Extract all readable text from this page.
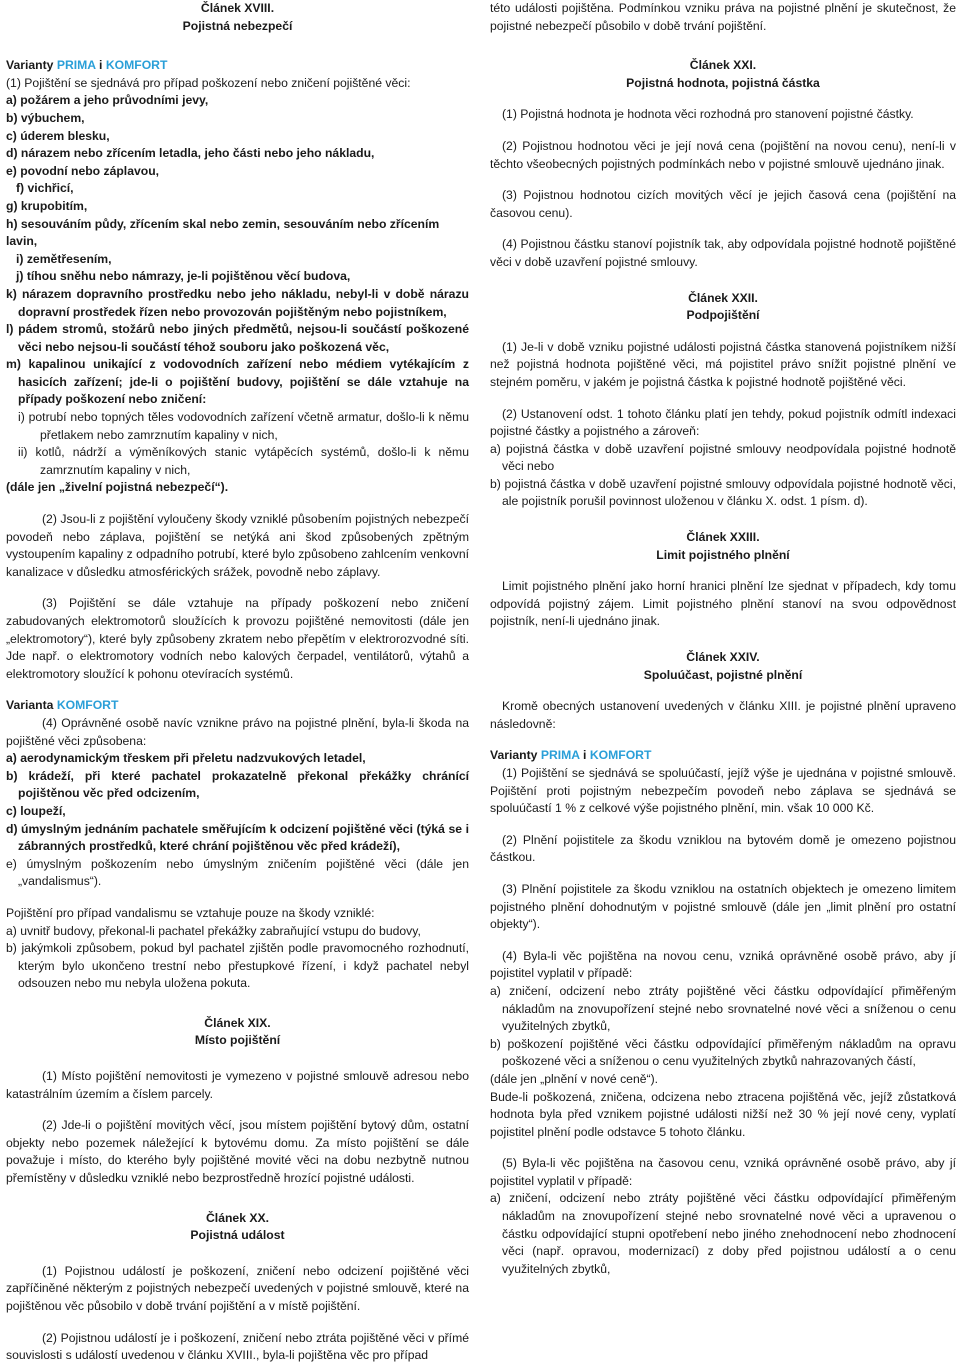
Článek XVIII.

Pojistná nebezpečí

Varianty PRIMA i KOMFORT

(1) Pojištění se sjednává pro případ poškození nebo zničení pojištěné věci:

a) požárem a jeho průvodními jevy,

b) výbuchem,

c) úderem blesku,

d) nárazem nebo zřícením letadla, jeho části nebo jeho nákladu,

e) povodní nebo záplavou,

f) vichřicí,

g) krupobitím,

h) sesouváním půdy, zřícením skal nebo zemin, sesouváním nebo zřícením lavin,

i) zemětřesením,

j) tíhou sněhu nebo námrazy, je-li pojištěnou věcí budova,

k) nárazem dopravního prostředku nebo jeho nákladu, nebyl-li v době nárazu dopravní prostředek řízen nebo provozován pojištěným nebo pojistníkem,

l) pádem stromů, stožárů nebo jiných předmětů, nejsou-li součástí poškozené věci nebo nejsou-li součástí téhož souboru jako poškozená věc,

m) kapalinou unikající z vodovodních zařízení nebo médiem vytékajícím z hasicích zařízení; jde-li o pojištění budovy, pojištění se dále vztahuje na případy poškození nebo zničení:

i) potrubí nebo topných těles vodovodních zařízení včetně armatur, došlo-li k němu přetlakem nebo zamrznutím kapaliny v nich,

ii) kotlů, nádrží a výměníkových stanic vytápěcích systémů, došlo-li k němu zamrznutím kapaliny v nich,

(dále jen „živelní pojistná nebezpečí“).

(2) Jsou-li z pojištění vyloučeny škody vzniklé působením pojistných nebezpečí povodeň nebo záplava, pojištění se netýká ani škod způsobených zpětným vystoupením kapaliny z odpadního potrubí, které bylo způsobeno zahlcením venkovní kanalizace v důsledku atmosférických srážek, povodně nebo záplavy.

(3) Pojištění se dále vztahuje na případy poškození nebo zničení zabudovaných elektromotorů sloužících k provozu pojištěné nemovitosti (dále jen „elektromotory“), které byly způsobeny zkratem nebo přepětím v elektrorozvodné síti. Jde např. o elektromotory vodních nebo kalových čerpadel, ventilátorů, výtahů a elektromotory sloužící k pohonu otevíracích systémů.

Varianta KOMFORT

(4) Oprávněné osobě navíc vznikne právo na pojistné plnění, byla-li škoda na pojištěné věci způsobena:

a) aerodynamickým třeskem při přeletu nadzvukových letadel,

b) krádeží, při které pachatel prokazatelně překonal překážky chránící pojištěnou věc před odcizením,

c) loupeží,

d) úmyslným jednáním pachatele směřujícím k odcizení pojištěné věci (týká se i zábranných prostředků, které chrání pojištěnou věc před krádeží),

e) úmyslným poškozením nebo úmyslným zničením pojištěné věci (dále jen „vandalismus“).

Pojištění pro případ vandalismu se vztahuje pouze na škody vzniklé:

a) uvnitř budovy, překonal-li pachatel překážky zabraňující vstupu do budovy,

b) jakýmkoli způsobem, pokud byl pachatel zjištěn podle pravomocného rozhodnutí, kterým bylo ukončeno trestní nebo přestupkové řízení, i když pachatel nebyl odsouzen nebo mu nebyla uložena pokuta.

Článek XIX.

Místo pojištění

(1) Místo pojištění nemovitosti je vymezeno v pojistné smlouvě adresou nebo katastrálním územím a číslem parcely.

(2) Jde-li o pojištění movitých věcí, jsou místem pojištění bytový dům, ostatní objekty nebo pozemek náležející k bytovému domu. Za místo pojištění se dále považuje i místo, do kterého byly pojištěné movité věci na dobu nezbytně nutnou přemístěny v důsledku vzniklé nebo bezprostředně hrozící pojistné události.

Článek XX.

Pojistná událost

(1) Pojistnou událostí je poškození, zničení nebo odcizení pojištěné věci zapříčiněné některým z pojistných nebezpečí uvedených v pojistné smlouvě, které na pojištěnou věc působilo v době trvání pojištění a v místě pojištění.

(2) Pojistnou událostí je i poškození, zničení nebo ztráta pojištěné věci v přímé souvislosti s událostí uvedenou v článku XVIII., byla-li pojištěna věc pro případ

této události pojištěna. Podmínkou vzniku práva na pojistné plnění je skutečnost, že pojistné nebezpečí působilo v době trvání pojištění.

Článek XXI.

Pojistná hodnota, pojistná částka

(1) Pojistná hodnota je hodnota věci rozhodná pro stanovení pojistné částky.

(2) Pojistnou hodnotou věci je její nová cena (pojištění na novou cenu), není-li v těchto všeobecných pojistných podmínkách nebo v pojistné smlouvě ujednáno jinak.

(3) Pojistnou hodnotou cizích movitých věcí je jejich časová cena (pojištění na časovou cenu).

(4) Pojistnou částku stanoví pojistník tak, aby odpovídala pojistné hodnotě pojištěné věci v době uzavření pojistné smlouvy.

Článek XXII.

Podpojištění

(1) Je-li v době vzniku pojistné události pojistná částka stanovená pojistníkem nižší než pojistná hodnota pojištěné věci, má pojistitel právo snížit pojistné plnění ve stejném poměru, v jakém je pojistná částka k pojistné hodnotě pojištěné věci.

(2) Ustanovení odst. 1 tohoto článku platí jen tehdy, pokud pojistník odmítl indexaci pojistné částky a pojistného a zároveň:

a) pojistná částka v době uzavření pojistné smlouvy neodpovídala pojistné hodnotě věci nebo

b) pojistná částka v době uzavření pojistné smlouvy odpovídala pojistné hodnotě věci, ale pojistník porušil povinnost uloženou v článku X. odst. 1 písm. d).

Článek XXIII.

Limit pojistného plnění

Limit pojistného plnění jako horní hranici plnění lze sjednat v případech, kdy tomu odpovídá pojistný zájem. Limit pojistného plnění stanoví na svou odpovědnost pojistník, není-li ujednáno jinak.

Článek XXIV.

Spoluúčast, pojistné plnění

Kromě obecných ustanovení uvedených v článku XIII. je pojistné plnění upraveno následovně:

Varianty PRIMA i KOMFORT

(1) Pojištění se sjednává se spoluúčastí, jejíž výše je ujednána v pojistné smlouvě. Pojištění proti pojistným nebezpečím povodeň nebo záplava se sjednává se spoluúčastí 1 % z celkové výše pojistného plnění, min. však 10 000 Kč.

(2) Plnění pojistitele za škodu vzniklou na bytovém domě je omezeno pojistnou částkou.

(3) Plnění pojistitele za škodu vzniklou na ostatních objektech je omezeno limitem pojistného plnění dohodnutým v pojistné smlouvě (dále jen „limit plnění pro ostatní objekty“).

(4) Byla-li věc pojištěna na novou cenu, vzniká oprávněné osobě právo, aby jí pojistitel vyplatil v případě:

a) zničení, odcizení nebo ztráty pojištěné věci částku odpovídající přiměřeným nákladům na znovupořízení stejné nebo srovnatelné nové věci a sníženou o cenu využitelných zbytků,

b) poškození pojištěné věci částku odpovídající přiměřeným nákladům na opravu poškozené věci a sníženou o cenu využitelných zbytků nahrazovaných částí,

(dále jen „plnění v nové ceně“).

Bude-li poškozená, zničena, odcizena nebo ztracena pojištěná věc, jejíž zůstatková hodnota byla před vznikem pojistné události nižší než 30 % její nové ceny, vyplatí pojistitel plnění podle odstavce 5 tohoto článku.

(5) Byla-li věc pojištěna na časovou cenu, vzniká oprávněné osobě právo, aby jí pojistitel vyplatil v případě:

a) zničení, odcizení nebo ztráty pojištěné věci částku odpovídající přiměřeným nákladům na znovupořízení stejné nebo srovnatelné nové věci a upravenou o částku odpovídající stupni opotřebení nebo jiného znehodnocení nebo zhodnocení věci (např. opravou, modernizací) z doby před pojistnou událostí a o cenu využitelných zbytků,
